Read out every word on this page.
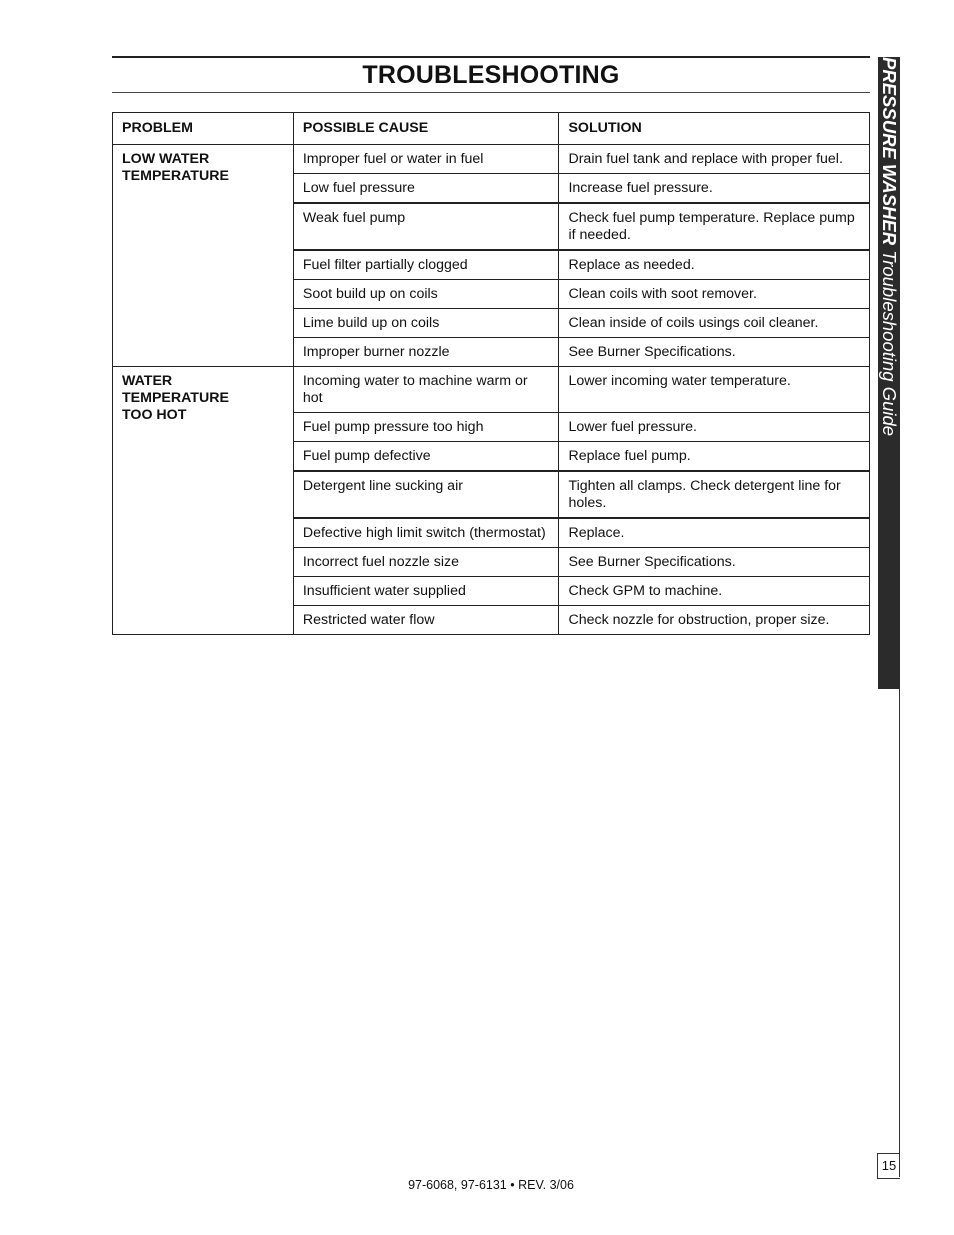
TROUBLESHOOTING
PROBLEM	POSSIBLE CAUSE	SOLUTION
LOW WATER
TEMPERATURE	Improper fuel or water in fuel	Drain fuel tank and replace with proper fuel.
	Low fuel pressure	Increase fuel pressure.
	Weak fuel pump	Check fuel pump temperature. Replace pump if needed.
	Fuel filter partially clogged	Replace as needed.
	Soot build up on coils	Clean coils with soot remover.
	Lime build up on coils	Clean inside of coils usings coil cleaner.
	Improper burner nozzle	See Burner Specifications.
WATER
TEMPERATURE
TOO HOT	Incoming water to machine warm or hot	Lower incoming water temperature.
	Fuel pump pressure too high	Lower fuel pressure.
	Fuel pump defective	Replace fuel pump.
	Detergent line sucking air	Tighten all clamps. Check detergent line for holes.
	Defective high limit switch (thermostat)	Replace.
	Incorrect fuel nozzle size	See Burner Specifications.
	Insufficient water supplied	Check GPM to machine.
	Restricted water flow	Check nozzle for obstruction, proper size.
PRESSURE WASHER Troubleshooting Guide
15
97-6068, 97-6131 • REV. 3/06
